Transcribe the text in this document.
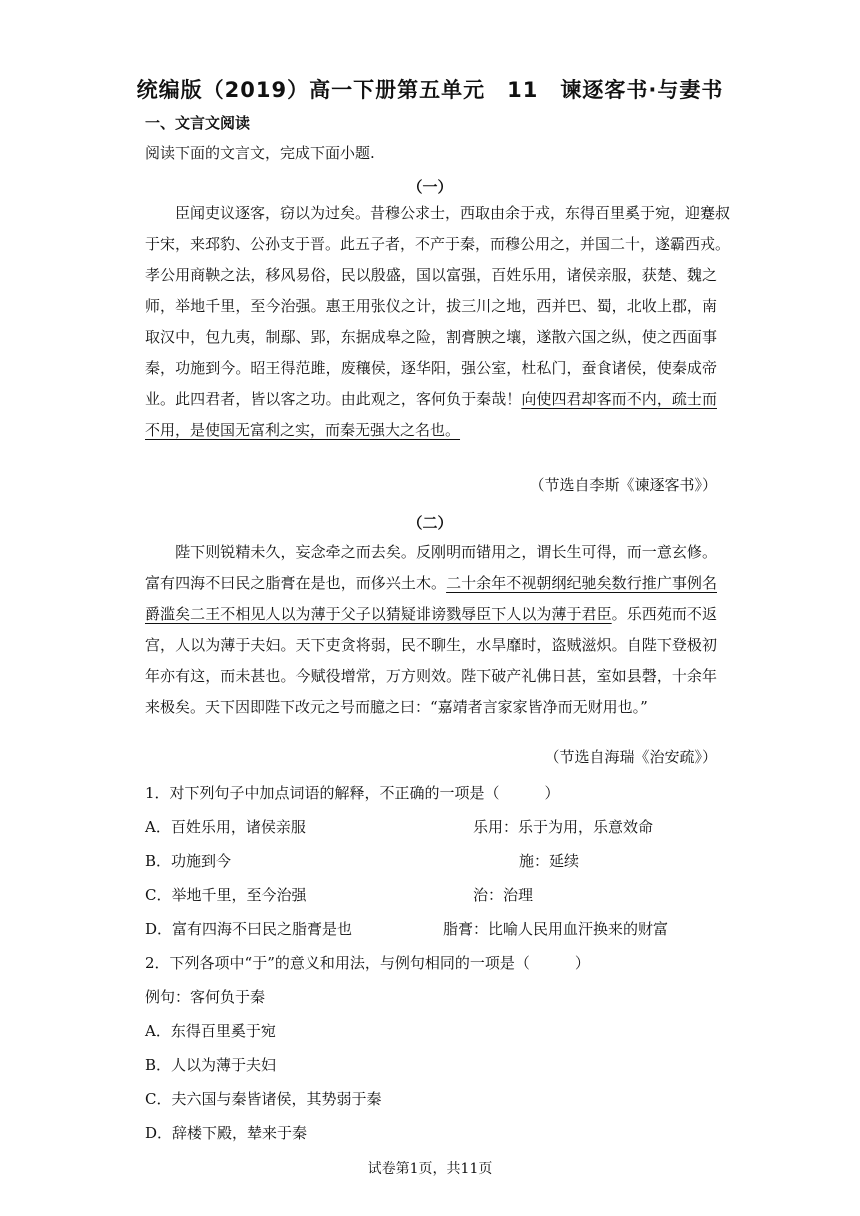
统编版（2019）高一下册第五单元　11　谏逐客书·与妻书
一、文言文阅读
阅读下面的文言文，完成下面小题.
（一）
　　臣闻吏议逐客，窃以为过矣。昔穆公求士，西取由余于戎，东得百里奚于宛，迎蹇叔
于宋，来邳豹、公孙支于晋。此五子者，不产于秦，而穆公用之，并国二十，遂霸西戎。
孝公用商鞅之法，移风易俗，民以殷盛，国以富强，百姓乐用，诸侯亲服，获楚、魏之
师，举地千里，至今治强。惠王用张仪之计，拔三川之地，西并巴、蜀，北收上郡，南
取汉中，包九夷，制鄢、郢，东据成皋之险，割膏腴之壤，遂散六国之纵，使之西面事
秦，功施到今。昭王得范雎，废穰侯，逐华阳，强公室，杜私门，蚕食诸侯，使秦成帝
业。此四君者，皆以客之功。由此观之，客何负于秦哉！向使四君却客而不内，疏士而
不用，是使国无富利之实，而秦无强大之名也。
（节选自李斯《谏逐客书》）
（二）
　　陛下则锐精未久，妄念牵之而去矣。反刚明而错用之，谓长生可得，而一意玄修。
富有四海不曰民之脂膏在是也，而侈兴土木。二十余年不视朝纲纪驰矣数行推广事例名
爵滥矣二王不相见人以为薄于父子以猜疑诽谤戮辱臣下人以为薄于君臣。乐西苑而不返
宫，人以为薄于夫妇。天下吏贪将弱，民不聊生，水旱靡时，盗贼滋炽。自陛下登极初
年亦有这，而未甚也。今赋役增常，万方则效。陛下破产礼佛日甚，室如县磬，十余年
来极矣。天下因即陛下改元之号而臆之曰：“嘉靖者言家家皆净而无财用也。”
（节选自海瑞《治安疏》）
1．对下列句子中加点词语的解释，不正确的一项是（　　　）
A．百姓乐用，诸侯亲服	乐用：乐于为用，乐意效命
B．功施到今	施：延续
C．举地千里，至今治强	治：治理
D．富有四海不曰民之脂膏是也	脂膏：比喻人民用血汗换来的财富
2．下列各项中“于”的意义和用法，与例句相同的一项是（　　　）
例句：客何负于秦
A．东得百里奚于宛
B．人以为薄于夫妇
C．夫六国与秦皆诸侯，其势弱于秦
D．辞楼下殿，辇来于秦
试卷第1页，共11页
